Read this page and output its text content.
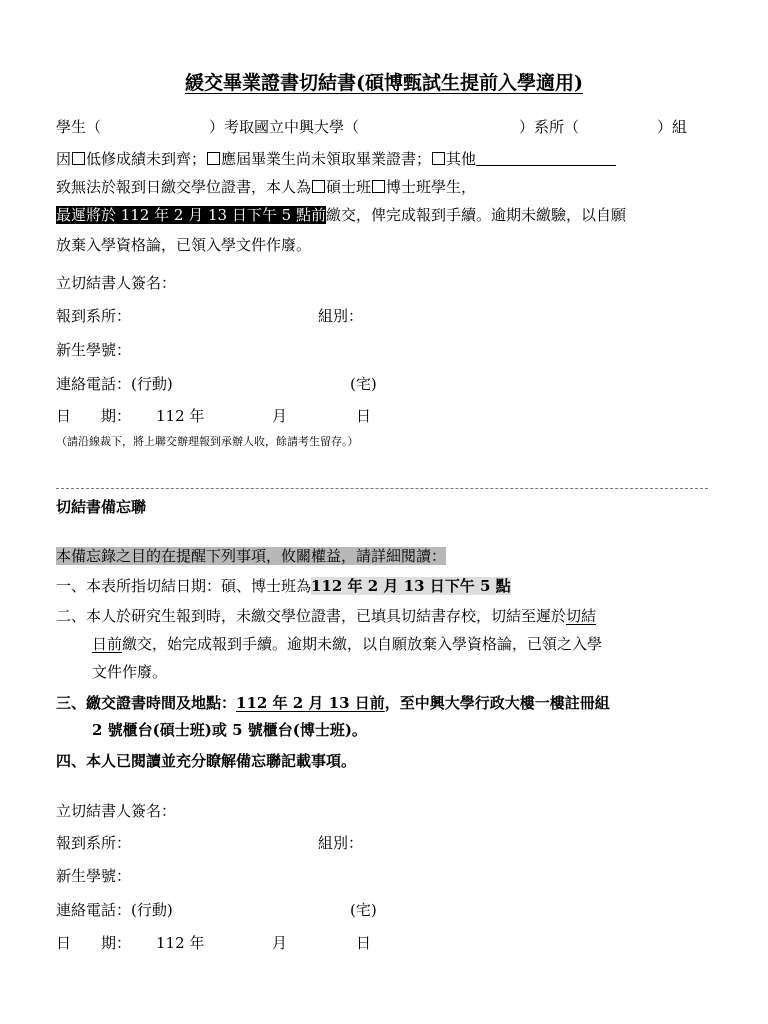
緩交畢業證書切結書(碩博甄試生提前入學適用)
學生（	）考取國立中興大學（	）系所（	）組
因 低修成績未到齊； 應屆畢業生尚未領取畢業證書； 其他
致無法於報到日繳交學位證書，本人為 碩士班 博士班學生，
最遲將於 112 年 2 月 13 日下午 5 點前繳交，俾完成報到手續。逾期未繳驗，以自願
放棄入學資格論，已領入學文件作廢。
立切結書人簽名：
報到系所：	組別：
新生學號：
連絡電話：(行動)	(宅)
日　　期： 112 年	月	日
（請沿線裁下，將上聯交辦理報到承辦人收，餘請考生留存。）
切結書備忘聯
本備忘錄之目的在提醒下列事項，攸關權益，請詳細閱讀：
一、本表所指切結日期：碩、博士班為112 年 2 月 13 日下午 5 點
二、本人於研究生報到時，未繳交學位證書，已填具切結書存校，切結至遲於切結
日前繳交，始完成報到手續。逾期未繳，以自願放棄入學資格論，已領之入學
文件作廢。
三、繳交證書時間及地點：112 年 2 月 13 日前，至中興大學行政大樓一樓註冊組
2 號櫃台(碩士班)或 5 號櫃台(博士班)。
四、本人已閱讀並充分瞭解備忘聯記載事項。
立切結書人簽名：
報到系所：	組別：
新生學號：
連絡電話：(行動)	(宅)
日　　期： 112 年	月	日
